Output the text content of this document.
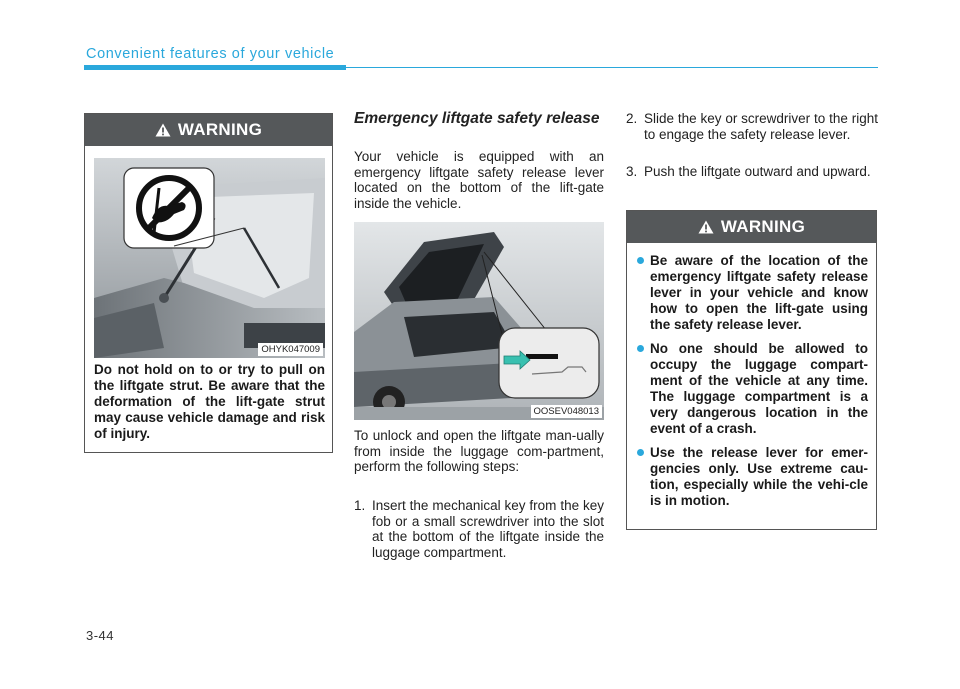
Convenient features of your vehicle
WARNING
OHYK047009
Do not hold on to or try to pull on the liftgate strut. Be aware that the deformation of the lift-gate strut may cause vehicle damage and risk of injury.
Emergency liftgate safety release
Your vehicle is equipped with an emergency liftgate safety release lever located on the bottom of the lift-gate inside the vehicle.
OOSEV048013
To unlock and open the liftgate man-ually from inside the luggage com-partment, perform the following steps:
1. Insert the mechanical key from the key fob or a small screwdriver into the slot at the bottom of the liftgate inside the luggage compartment.
2. Slide the key or screwdriver to the right to engage the safety release lever.
3. Push the liftgate outward and upward.
WARNING
Be aware of the location of the emergency liftgate safety release lever in your vehicle and know how to open the lift-gate using the safety release lever.
No one should be allowed to occupy the luggage compart-ment of the vehicle at any time. The luggage compartment is a very dangerous location in the event of a crash.
Use the release lever for emer-gencies only. Use extreme cau-tion, especially while the vehi-cle is in motion.
3-44
